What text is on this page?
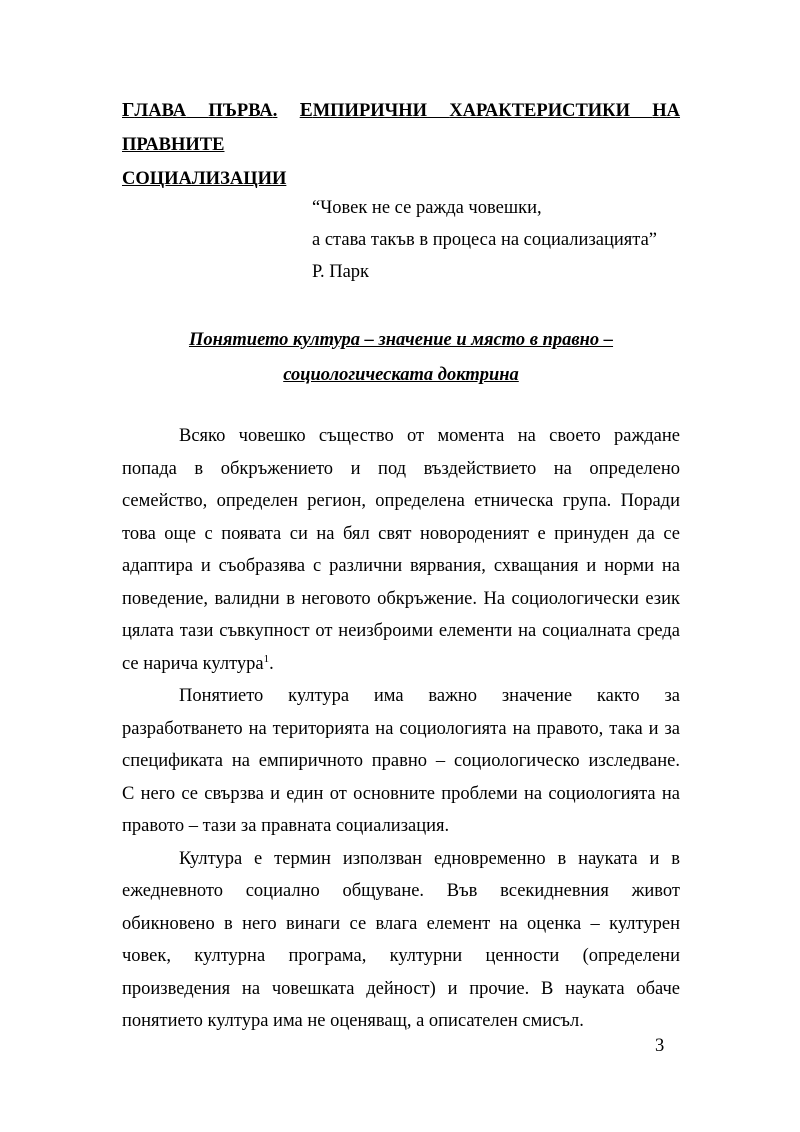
ГЛАВА ПЪРВА. ЕМПИРИЧНИ ХАРАКТЕРИСТИКИ НА ПРАВНИТЕ
СОЦИАЛИЗАЦИИ
“Човек не се ражда човешки,
а става такъв в процеса на социализацията”
Р. Парк
Понятието култура – значение и място в правно –
социологическата доктрина
Всяко човешко същество от момента на своето раждане
попада в обкръжението и под въздействието на определено
семейство, определен регион, определена етническа група. Поради
това още с появата си на бял свят новороденият е принуден да се
адаптира и съобразява с различни вярвания, схващания и норми на
поведение, валидни в неговото обкръжение. На социологически език
цялата тази съвкупност от неизброими елементи на социалната среда
се нарича култура$^1$.
Понятието култура има важно значение както за
разработването на територията на социологията на правото, така и за
спецификата на емпиричното правно – социологическо изследване.
С него се свързва и един от основните проблеми на социологията на
правото – тази за правната социализация.
Култура е термин използван едновременно в науката и в
ежедневното социално общуване. Във всекидневния живот
обикновено в него винаги се влага елемент на оценка – културен
човек, културна програма, културни ценности (определени
произведения на човешката дейност) и прочие. В науката обаче
понятието култура има не оценяващ, а описателен смисъл.
3
